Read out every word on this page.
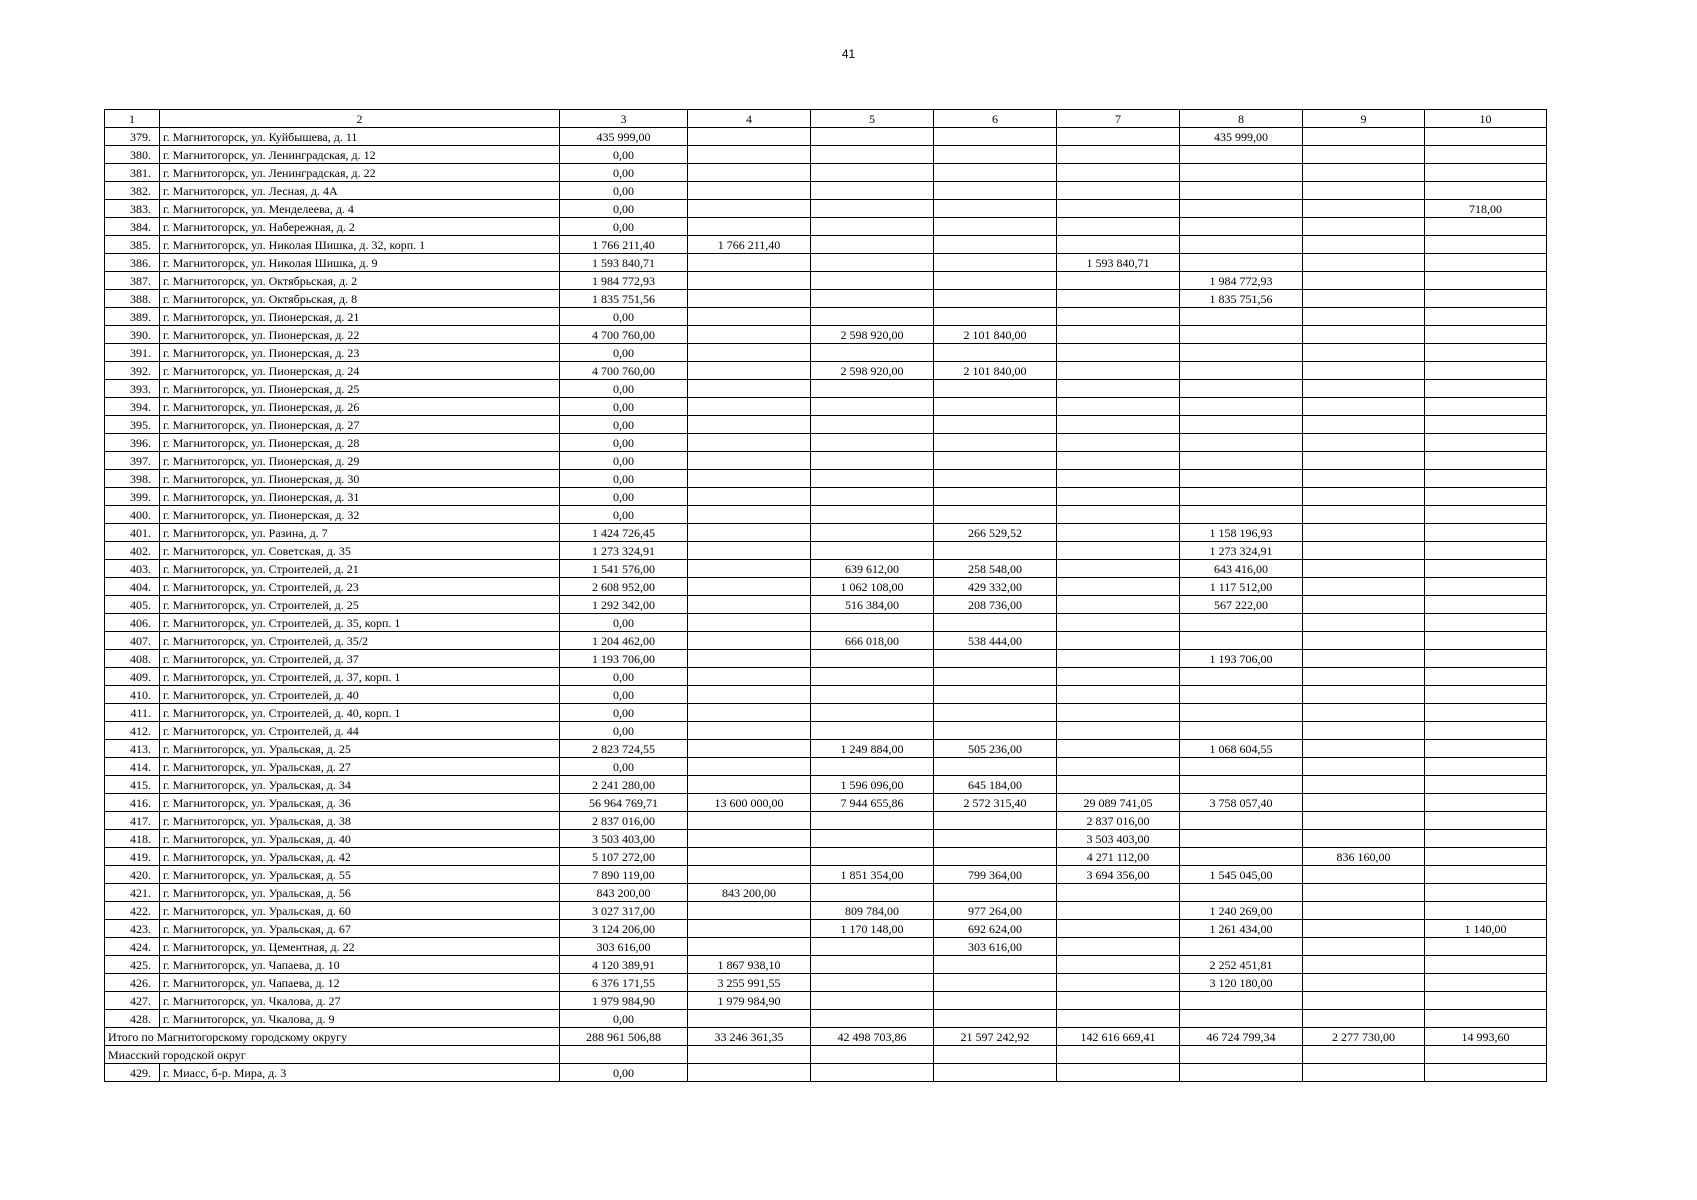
41
1	2	3	4	5	6	7	8	9	10
379.	г. Магнитогорск, ул. Куйбышева, д. 11	435 999,00					435 999,00		
380.	г. Магнитогорск, ул. Ленинградская, д. 12	0,00							
381.	г. Магнитогорск, ул. Ленинградская, д. 22	0,00							
382.	г. Магнитогорск, ул. Лесная, д. 4А	0,00							
383.	г. Магнитогорск, ул. Менделеева, д. 4	0,00							718,00
384.	г. Магнитогорск, ул. Набережная, д. 2	0,00							
385.	г. Магнитогорск, ул. Николая Шишка, д. 32, корп. 1	1 766 211,40	1 766 211,40						
386.	г. Магнитогорск, ул. Николая Шишка, д. 9	1 593 840,71				1 593 840,71			
387.	г. Магнитогорск, ул. Октябрьская, д. 2	1 984 772,93					1 984 772,93		
388.	г. Магнитогорск, ул. Октябрьская, д. 8	1 835 751,56					1 835 751,56		
389.	г. Магнитогорск, ул. Пионерская, д. 21	0,00							
390.	г. Магнитогорск, ул. Пионерская, д. 22	4 700 760,00		2 598 920,00	2 101 840,00				
391.	г. Магнитогорск, ул. Пионерская, д. 23	0,00							
392.	г. Магнитогорск, ул. Пионерская, д. 24	4 700 760,00		2 598 920,00	2 101 840,00				
393.	г. Магнитогорск, ул. Пионерская, д. 25	0,00							
394.	г. Магнитогорск, ул. Пионерская, д. 26	0,00							
395.	г. Магнитогорск, ул. Пионерская, д. 27	0,00							
396.	г. Магнитогорск, ул. Пионерская, д. 28	0,00							
397.	г. Магнитогорск, ул. Пионерская, д. 29	0,00							
398.	г. Магнитогорск, ул. Пионерская, д. 30	0,00							
399.	г. Магнитогорск, ул. Пионерская, д. 31	0,00							
400.	г. Магнитогорск, ул. Пионерская, д. 32	0,00							
401.	г. Магнитогорск, ул. Разина, д. 7	1 424 726,45			266 529,52		1 158 196,93		
402.	г. Магнитогорск, ул. Советская, д. 35	1 273 324,91					1 273 324,91		
403.	г. Магнитогорск, ул. Строителей, д. 21	1 541 576,00		639 612,00	258 548,00		643 416,00		
404.	г. Магнитогорск, ул. Строителей, д. 23	2 608 952,00		1 062 108,00	429 332,00		1 117 512,00		
405.	г. Магнитогорск, ул. Строителей, д. 25	1 292 342,00		516 384,00	208 736,00		567 222,00		
406.	г. Магнитогорск, ул. Строителей, д. 35, корп. 1	0,00							
407.	г. Магнитогорск, ул. Строителей, д. 35/2	1 204 462,00		666 018,00	538 444,00				
408.	г. Магнитогорск, ул. Строителей, д. 37	1 193 706,00					1 193 706,00		
409.	г. Магнитогорск, ул. Строителей, д. 37, корп. 1	0,00							
410.	г. Магнитогорск, ул. Строителей, д. 40	0,00							
411.	г. Магнитогорск, ул. Строителей, д. 40, корп. 1	0,00							
412.	г. Магнитогорск, ул. Строителей, д. 44	0,00							
413.	г. Магнитогорск, ул. Уральская, д. 25	2 823 724,55		1 249 884,00	505 236,00		1 068 604,55		
414.	г. Магнитогорск, ул. Уральская, д. 27	0,00							
415.	г. Магнитогорск, ул. Уральская, д. 34	2 241 280,00		1 596 096,00	645 184,00				
416.	г. Магнитогорск, ул. Уральская, д. 36	56 964 769,71	13 600 000,00	7 944 655,86	2 572 315,40	29 089 741,05	3 758 057,40		
417.	г. Магнитогорск, ул. Уральская, д. 38	2 837 016,00				2 837 016,00			
418.	г. Магнитогорск, ул. Уральская, д. 40	3 503 403,00				3 503 403,00			
419.	г. Магнитогорск, ул. Уральская, д. 42	5 107 272,00				4 271 112,00		836 160,00	
420.	г. Магнитогорск, ул. Уральская, д. 55	7 890 119,00		1 851 354,00	799 364,00	3 694 356,00	1 545 045,00		
421.	г. Магнитогорск, ул. Уральская, д. 56	843 200,00	843 200,00						
422.	г. Магнитогорск, ул. Уральская, д. 60	3 027 317,00		809 784,00	977 264,00		1 240 269,00		
423.	г. Магнитогорск, ул. Уральская, д. 67	3 124 206,00		1 170 148,00	692 624,00		1 261 434,00		1 140,00
424.	г. Магнитогорск, ул. Цементная, д. 22	303 616,00			303 616,00				
425.	г. Магнитогорск, ул. Чапаева, д. 10	4 120 389,91	1 867 938,10				2 252 451,81		
426.	г. Магнитогорск, ул. Чапаева, д. 12	6 376 171,55	3 255 991,55				3 120 180,00		
427.	г. Магнитогорск, ул. Чкалова, д. 27	1 979 984,90	1 979 984,90						
428.	г. Магнитогорск, ул. Чкалова, д. 9	0,00							
Итого по Магнитогорскому городскому округу		288 961 506,88	33 246 361,35	42 498 703,86	21 597 242,92	142 616 669,41	46 724 799,34	2 277 730,00	14 993,60
Миасский городской округ									
429.	г. Миасс, б-р. Мира, д. 3	0,00							
